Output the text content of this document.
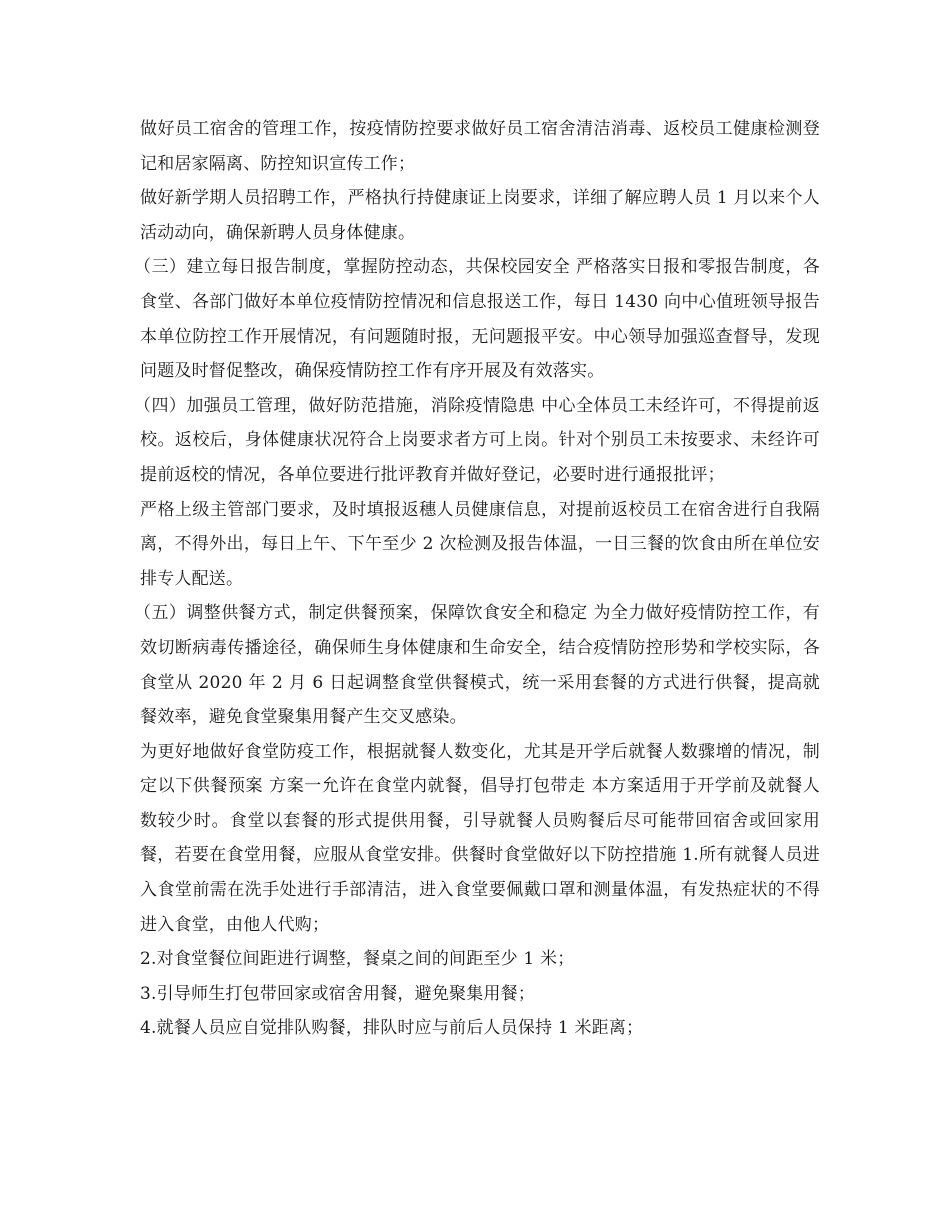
做好员工宿舍的管理工作，按疫情防控要求做好员工宿舍清洁消毒、返校员工健康检测登记和居家隔离、防控知识宣传工作；

做好新学期人员招聘工作，严格执行持健康证上岗要求，详细了解应聘人员 1 月以来个人活动动向，确保新聘人员身体健康。

（三）建立每日报告制度，掌握防控动态，共保校园安全 严格落实日报和零报告制度，各食堂、各部门做好本单位疫情防控情况和信息报送工作，每日 1430 向中心值班领导报告本单位防控工作开展情况，有问题随时报，无问题报平安。中心领导加强巡查督导，发现问题及时督促整改，确保疫情防控工作有序开展及有效落实。

（四）加强员工管理，做好防范措施，消除疫情隐患 中心全体员工未经许可，不得提前返校。返校后，身体健康状况符合上岗要求者方可上岗。针对个别员工未按要求、未经许可提前返校的情况，各单位要进行批评教育并做好登记，必要时进行通报批评；

严格上级主管部门要求，及时填报返穗人员健康信息，对提前返校员工在宿舍进行自我隔离，不得外出，每日上午、下午至少 2 次检测及报告体温，一日三餐的饮食由所在单位安排专人配送。

（五）调整供餐方式，制定供餐预案，保障饮食安全和稳定 为全力做好疫情防控工作，有效切断病毒传播途径，确保师生身体健康和生命安全，结合疫情防控形势和学校实际，各食堂从 2020 年 2 月 6 日起调整食堂供餐模式，统一采用套餐的方式进行供餐，提高就餐效率，避免食堂聚集用餐产生交叉感染。

为更好地做好食堂防疫工作，根据就餐人数变化，尤其是开学后就餐人数骤增的情况，制定以下供餐预案 方案一允许在食堂内就餐，倡导打包带走 本方案适用于开学前及就餐人数较少时。食堂以套餐的形式提供用餐，引导就餐人员购餐后尽可能带回宿舍或回家用餐，若要在食堂用餐，应服从食堂安排。供餐时食堂做好以下防控措施 1.所有就餐人员进入食堂前需在洗手处进行手部清洁，进入食堂要佩戴口罩和测量体温，有发热症状的不得进入食堂，由他人代购；

2.对食堂餐位间距进行调整，餐桌之间的间距至少 1 米；

3.引导师生打包带回家或宿舍用餐，避免聚集用餐；

4.就餐人员应自觉排队购餐，排队时应与前后人员保持 1 米距离；
